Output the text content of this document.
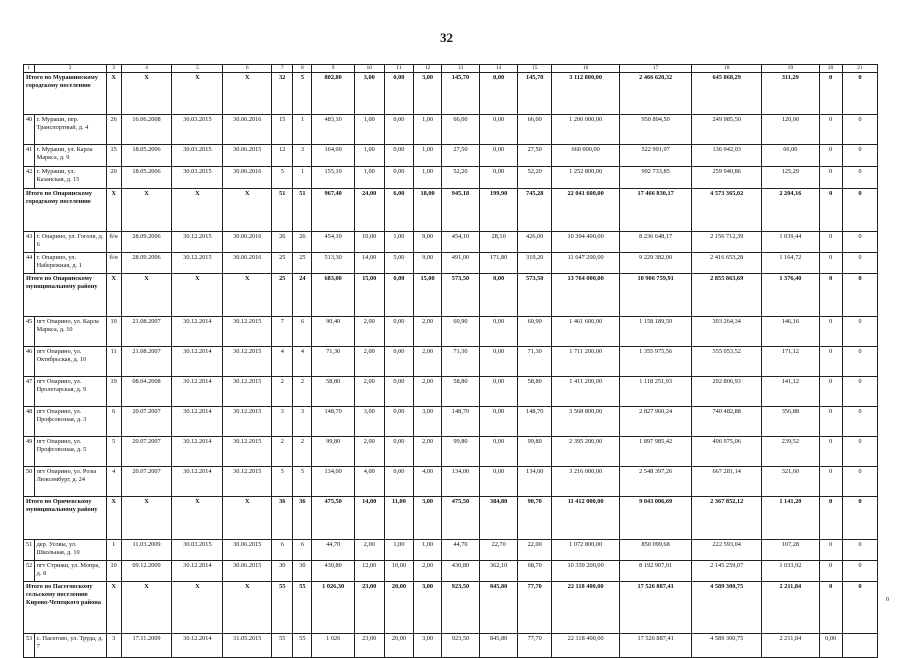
32
1	2	3	4	5	6	7	8	9	10	11	12	13	14	15	16	17	18	19	20	21
Итого по Мурашинскому городскому поселению		X	X	X	X	32	5	802,80	3,00	0,00	3,00	145,70	0,00	145,70	3 112 800,00	2 466 620,32	645 868,29	311,29	0	0
40	г. Мураши, пер. Транспортный, д. 4	26	16.06.2008	30.03.2015	30.06.2016	15	1	483,10	1,00	0,00	1,00	66,00	0,00	66,00	1 200 000,00	950 894,50	249 985,50	120,00	0	0
41	г. Мураши, ул. Карла Маркса, д. 9	15	18.05.2006	30.03.2015	30.06.2015	12	3	164,60	1,00	0,00	1,00	27,50	0,00	27,50	660 000,00	522 991,97	136 942,03	66,00	0	0
42	г. Мураши, ул. Казанская, д. 15	20	18.05.2006	30.03.2015	30.06.2016	5	1	155,10	1,00	0,00	1,00	52,20	0,00	52,20	1 252 800,00	992 733,85	259 940,86	125,29	0	0
Итого по Опаринскому городскому поселению		X	X	X	X	51	51	967,40	24,00	6,00	18,00	945,18	199,90	745,28	22 041 600,00	17 466 830,17	4 573 365,02	2 204,16	0	0
43	г. Опарино, ул. Гоголя, д. 6	б/н	28.09.2006	30.12.2015	30.06.2016	26	26	454,10	10,00	1,00	9,00	454,10	28,10	426,00	10 394 400,00	8 236 648,17	2 156 712,39	1 039,44	0	0
44	г. Опарино, ул. Набережная, д. 1	б/н	28.09.2006	30.12.2015	30.06.2016	25	25	513,30	14,00	5,00	9,00	491,00	171,80	319,20	11 647 200,00	9 229 382,00	2 416 653,28	1 164,72	0	0
Итого по Опаринскому муниципальному району		X	X	X	X	25	24	683,00	15,00	0,00	15,00	573,50	0,00	573,50	13 764 000,00	10 906 759,91	2 855 863,69	1 376,40	0	0
45	пгт Опарино, ул. Карла Маркса, д. 10	10	21.08.2007	30.12.2014	30.12.2015	7	6	90,40	2,00	0,00	2,00	60,90	0,00	60,90	1 461 600,00	1 158 189,50	303 264,34	146,16	0	0
46	пгт Опарино, ул. Октябрьская, д. 10	11	21.08.2007	30.12.2014	30.12.2015	4	4	71,30	2,00	0,00	2,00	71,30	0,00	71,30	1 711 200,00	1 355 975,56	355 053,52	171,12	0	0
47	пгт Опарино, ул. Пролетарская, д. 9	19	08.04.2008	30.12.2014	30.12.2015	2	2	58,80	2,00	0,00	2,00	58,80	0,00	58,80	1 411 200,00	1 118 251,93	292 806,93	141,12	0	0
48	пгт Опарино, ул. Профсоюзная, д. 3	6	20.07.2007	30.12.2014	30.12.2015	3	3	148,70	3,00	0,00	3,00	148,70	0,00	148,70	3 568 800,00	2 827 960,24	740 482,88	356,88	0	0
49	пгт Опарино, ул. Профсоюзная, д. 5	5	20.07.2007	30.12.2014	30.12.2015	2	2	99,80	2,00	0,00	2,00	99,80	0,00	99,80	2 395 200,00	1 897 985,42	496 975,06	239,52	0	0
50	пгт Опарино, ул. Розы Люксембург, д. 24	4	20.07.2007	30.12.2014	30.12.2015	5	5	134,00	4,00	0,00	4,00	134,00	0,00	134,00	3 216 000,00	2 548 397,26	667 281,14	321,60	0	0
Итого по Оричевскому муниципальному району		X	X	X	X	36	36	475,50	14,00	11,00	3,00	475,50	384,80	90,70	11 412 000,00	9 043 006,69	2 367 852,12	1 141,20	0	0
51	дер. Усовы, ул. Школьная, д. 10	1	11.03.2009	30.03.2015	30.06.2015	6	6	44,70	2,00	1,00	1,00	44,70	22,70	22,00	1 072 800,00	850 099,68	222 593,04	107,28	0	0
52	пгт Стрижи, ул. Мопра, д. 8	10	09.12.2009	30.12.2014	30.06.2015	30	30	430,80	12,00	10,00	2,00	430,80	362,10	68,70	10 339 200,00	8 192 907,01	2 145 259,07	1 033,92	0	0
Итого по Пасеговскому сельскому поселению Кирово-Чепецкого района		X	X	X	X	55	55	1 026,30	23,00	20,00	3,00	923,50	845,80	77,70	22 118 400,00	17 526 887,41	4 589 300,75	2 211,84	0	0
53	с. Пасегово, ул. Труда, д. 7	3	17.11.2009	30.12.2014	31.05.2015	55	55	1 026	23,00	20,00	3,00	923,50	845,80	77,70	22 118 400,00	17 526 887,41	4 589 300,75	2 211,84	0,00	
0
